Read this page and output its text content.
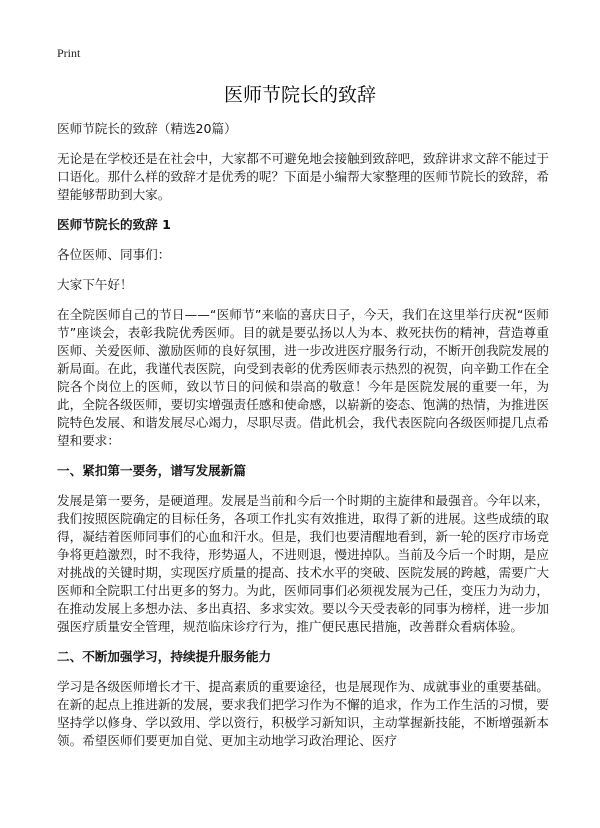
Print
医师节院长的致辞

医师节院长的致辞（精选20篇）

无论是在学校还是在社会中，大家都不可避免地会接触到致辞吧，致辞讲求文辞不能过于口语化。那什么样的致辞才是优秀的呢？下面是小编帮大家整理的医师节院长的致辞，希望能够帮助到大家。

医师节院长的致辞 1

各位医师、同事们：

大家下午好！

在全院医师自己的节日——“医师节”来临的喜庆日子，今天，我们在这里举行庆祝“医师节”座谈会，表彰我院优秀医师。目的就是要弘扬以人为本、救死扶伤的精神，营造尊重医师、关爱医师、激励医师的良好氛围，进一步改进医疗服务行动，不断开创我院发展的新局面。在此，我谨代表医院，向受到表彰的优秀医师表示热烈的祝贺，向辛勤工作在全院各个岗位上的医师，致以节日的问候和崇高的敬意！今年是医院发展的重要一年，为此，全院各级医师，要切实增强责任感和使命感，以崭新的姿态、饱满的热情，为推进医院特色发展、和谐发展尽心竭力，尽职尽责。借此机会，我代表医院向各级医师提几点希望和要求：

一、紧扣第一要务，谱写发展新篇

发展是第一要务，是硬道理。发展是当前和今后一个时期的主旋律和最强音。今年以来，我们按照医院确定的目标任务，各项工作扎实有效推进，取得了新的进展。这些成绩的取得，凝结着医师同事们的心血和汗水。但是，我们也要清醒地看到，新一轮的医疗市场竞争将更趋激烈，时不我待，形势逼人，不进则退，慢进掉队。当前及今后一个时期，是应对挑战的关键时期，实现医疗质量的提高、技术水平的突破、医院发展的跨越，需要广大医师和全院职工付出更多的努力。为此，医师同事们必须视发展为己任，变压力为动力，在推动发展上多想办法、多出真招、多求实效。要以今天受表彰的同事为榜样，进一步加强医疗质量安全管理，规范临床诊疗行为，推广便民惠民措施，改善群众看病体验。

二、不断加强学习，持续提升服务能力

学习是各级医师增长才干、提高素质的重要途径，也是展现作为、成就事业的重要基础。在新的起点上推进新的发展，要求我们把学习作为不懈的追求，作为工作生活的习惯，要坚持学以修身、学以致用、学以资行，积极学习新知识，主动掌握新技能，不断增强新本领。希望医师们要更加自觉、更加主动地学习政治理论、医疗
